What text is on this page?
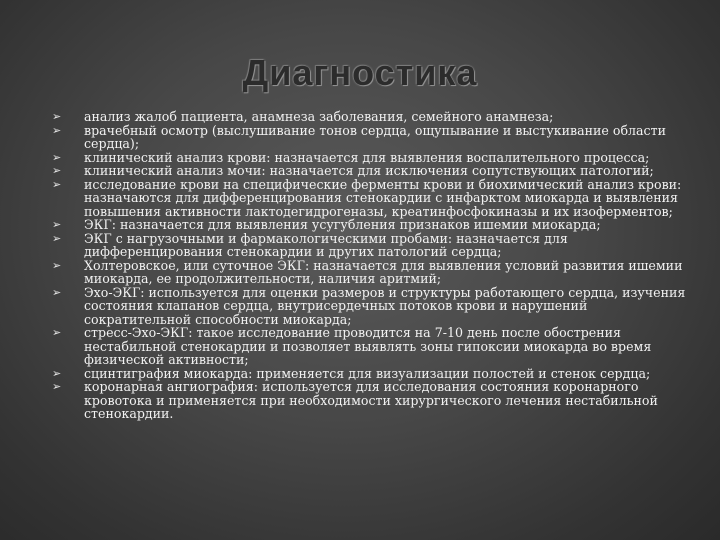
Диагностика
➢ анализ жалоб пациента, анамнеза заболевания, семейного анамнеза;
➢ врачебный осмотр (выслушивание тонов сердца, ощупывание и выстукивание области сердца);
➢ клинический анализ крови: назначается для выявления воспалительного процесса;
➢ клинический анализ мочи: назначается для исключения сопутствующих патологий;
➢ исследование крови на специфические ферменты крови и биохимический анализ крови: назначаются для дифференцирования стенокардии с инфарктом миокарда и выявления повышения активности лактодегидрогеназы, креатинфосфокиназы и их изоферментов;
➢ ЭКГ: назначается для выявления усугубления признаков ишемии миокарда;
➢ ЭКГ с нагрузочными и фармакологическими пробами: назначается для дифференцирования стенокардии и других патологий сердца;
➢ Холтеровское, или суточное ЭКГ: назначается для выявления условий развития ишемии миокарда, ее продолжительности, наличия аритмий;
➢ Эхо-ЭКГ: используется для оценки размеров и структуры работающего сердца, изучения состояния клапанов сердца, внутрисердечных потоков крови и нарушений сократительной способности миокарда;
➢ стресс-Эхо-ЭКГ: такое исследование проводится на 7-10 день после обострения нестабильной стенокардии и позволяет выявлять зоны гипоксии миокарда во время физической активности;
➢ сцинтиграфия миокарда: применяется для визуализации полостей и стенок сердца;
➢ коронарная ангиография: используется для исследования состояния коронарного кровотока и применяется при необходимости хирургического лечения нестабильной стенокардии.
